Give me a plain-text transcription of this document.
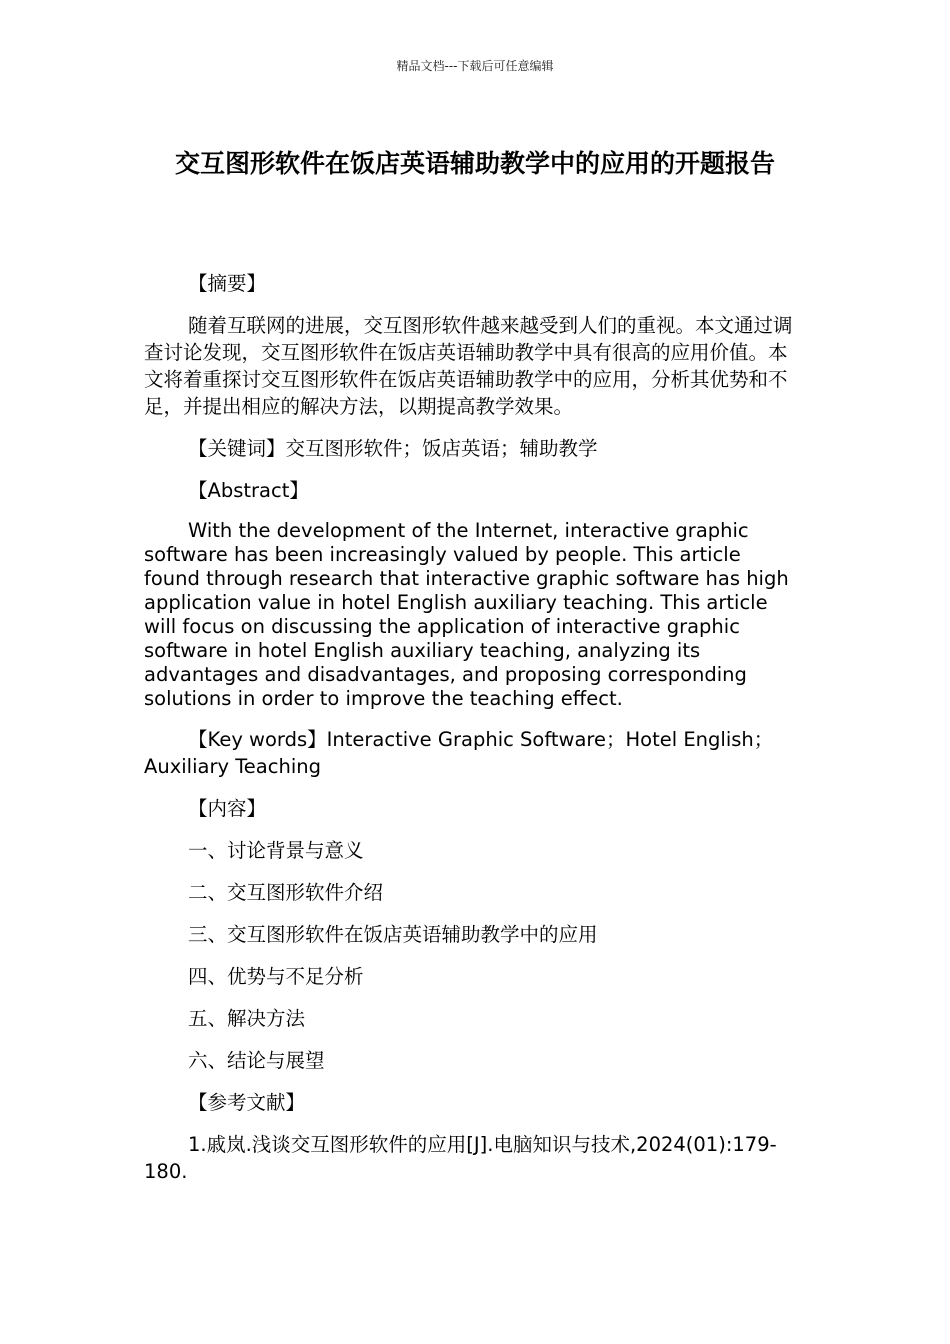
精品文档---下载后可任意编辑
交互图形软件在饭店英语辅助教学中的应用的开题报告

【摘要】

随着互联网的进展，交互图形软件越来越受到人们的重视。本文通过调查讨论发现，交互图形软件在饭店英语辅助教学中具有很高的应用价值。本文将着重探讨交互图形软件在饭店英语辅助教学中的应用，分析其优势和不足，并提出相应的解决方法，以期提高教学效果。

【关键词】交互图形软件；饭店英语；辅助教学

【Abstract】

With the development of the Internet, interactive graphic software has been increasingly valued by people. This article found through research that interactive graphic software has high application value in hotel English auxiliary teaching. This article will focus on discussing the application of interactive graphic software in hotel English auxiliary teaching, analyzing its advantages and disadvantages, and proposing corresponding solutions in order to improve the teaching effect.

【Key words】Interactive Graphic Software；Hotel English；Auxiliary Teaching

【内容】

一、讨论背景与意义

二、交互图形软件介绍

三、交互图形软件在饭店英语辅助教学中的应用

四、优势与不足分析

五、解决方法

六、结论与展望

【参考文献】

1.戚岚.浅谈交互图形软件的应用[J].电脑知识与技术,2024(01):179-180.
